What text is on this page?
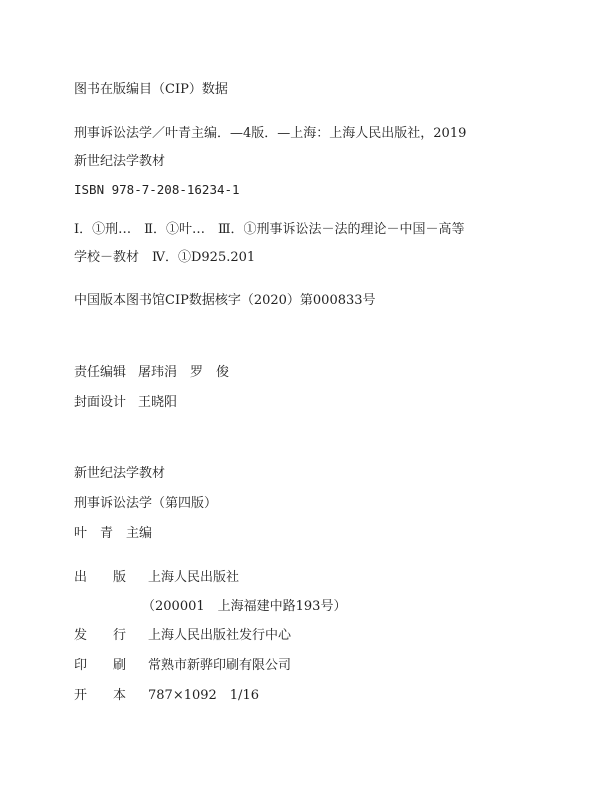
图书在版编目（CIP）数据

刑事诉讼法学／叶青主编．—4版．—上海：上海人民出版社，2019

新世纪法学教材

ISBN 978-7-208-16234-1

Ⅰ．①刑…　Ⅱ．①叶…　Ⅲ．①刑事诉讼法－法的理论－中国－高等

学校－教材　Ⅳ．①D925.201

中国版本图书馆CIP数据核字（2020）第000833号

责任编辑 屠玮涓　罗　俊

封面设计 王晓阳

新世纪法学教材

刑事诉讼法学（第四版）

叶　青　主编

出　　版 上海人民出版社

（200001　上海福建中路193号）

发　　行 上海人民出版社发行中心

印　　刷 常熟市新骅印刷有限公司

开　　本 787×1092　1/16
